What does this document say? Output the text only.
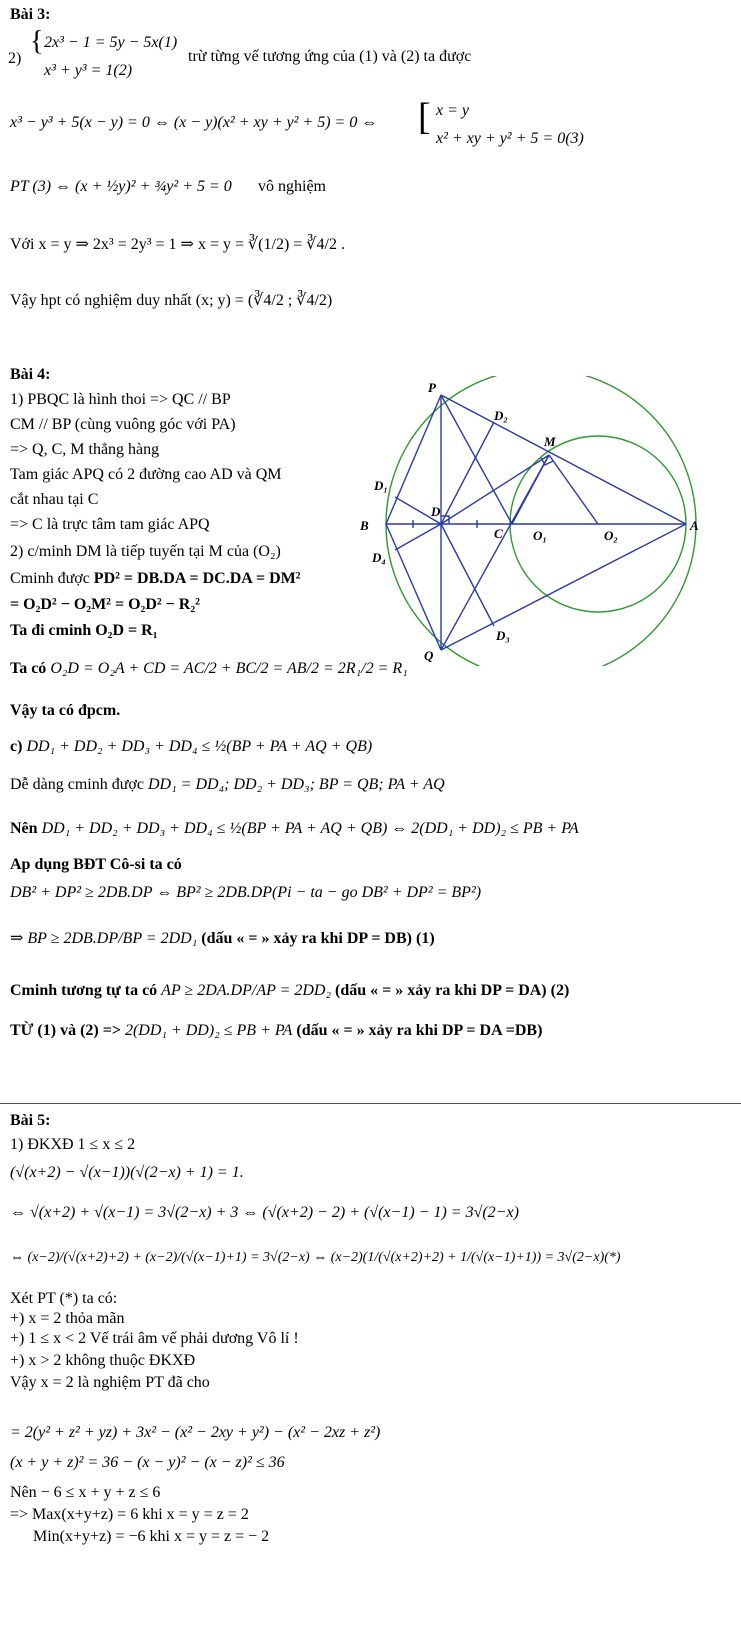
Bài 3:
2)
{ 2x³ − 1 = 5y − 5x(1)
x³ + y³ = 1(2)
trừ từng vế tương ứng của (1) và (2) ta được
x³ − y³ + 5(x − y) = 0 ⇔ (x − y)(x² + xy + y² + 5) = 0 ⇔ [ x = y
x² + xy + y² + 5 = 0(3)
PT (3) ⇔ (x + ½y)² + ¾y² + 5 = 0 vô nghiệm
Với x = y ⇒ 2x³ = 2y³ = 1 ⇒ x = y = ∛(1/2) = ∛4/2 .
Vậy hpt có nghiệm duy nhất (x; y) = (∛4/2 ; ∛4/2)
Bài 4:
1) PBQC là hình thoi => QC // BP
CM // BP (cùng vuông góc với PA)
=> Q, C, M thẳng hàng
Tam giác APQ có 2 đường cao AD và QM
cắt nhau tại C
=> C là trực tâm tam giác APQ
2) c/minh DM là tiếp tuyến tại M của (O₂)
Cminh được PD² = DB.DA = DC.DA = DM²
= O₂D² − O₂M² = O₂D² − R₂²
Ta đi cminh O₂D = R₁
Ta có O₂D = O₂A + CD = AC/2 + BC/2 = AB/2 = 2R₁/2 = R₁
Vậy ta có đpcm.
c) DD₁ + DD₂ + DD₃ + DD₄ ≤ ½(BP + PA + AQ + QB)
Dễ dàng cminh được DD₁ = DD₄; DD₂ + DD₃; BP = QB; PA + AQ
Nên DD₁ + DD₂ + DD₃ + DD₄ ≤ ½(BP + PA + AQ + QB) ⇔ 2(DD₁ + DD)₂ ≤ PB + PA
Ap dụng BĐT Cô-si ta có
DB² + DP² ≥ 2DB.DP ⇔ BP² ≥ 2DB.DP(Pi − ta − go DB² + DP² = BP²)
⇒ BP ≥ 2DB.DP/BP = 2DD₁ (dấu « = » xảy ra khi DP = DB) (1)
Cminh tương tự ta có AP ≥ 2DA.DP/AP = 2DD₂ (dấu « = » xảy ra khi DP = DA) (2)
TỪ (1) và (2) => 2(DD₁ + DD)₂ ≤ PB + PA (dấu « = » xảy ra khi DP = DA =DB)
P
Q
A
B
C
D
M
O₁	O₂
D₁
D₂
D₃
D₄
Bài 5:
1) ĐKXĐ 1 ≤ x ≤ 2
(√(x+2) − √(x−1))(√(2−x) + 1) = 1.
⇔ √(x+2) + √(x−1) = 3√(2−x) + 3 ⇔ (√(x+2) − 2) + (√(x−1) − 1) = 3√(2−x)
⇔ (x−2)/(√(x+2)+2) + (x−2)/(√(x−1)+1) = 3√(2−x) ⇔ (x−2)(1/(√(x+2)+2) + 1/(√(x−1)+1)) = 3√(2−x)(*)
Xét PT (*) ta có:
+) x = 2 thỏa mãn
+) 1 ≤ x < 2 Vế trái âm vế phải dương Vô lí !
+) x > 2 không thuộc ĐKXĐ
Vậy x = 2 là nghiệm PT đã cho
= 2(y² + z² + yz) + 3x² − (x² − 2xy + y²) − (x² − 2xz + z²)
(x + y + z)² = 36 − (x − y)² − (x − z)² ≤ 36
Nên − 6 ≤ x + y + z ≤ 6
=> Max(x+y+z) = 6 khi x = y = z = 2
Min(x+y+z) = −6 khi x = y = z = − 2
